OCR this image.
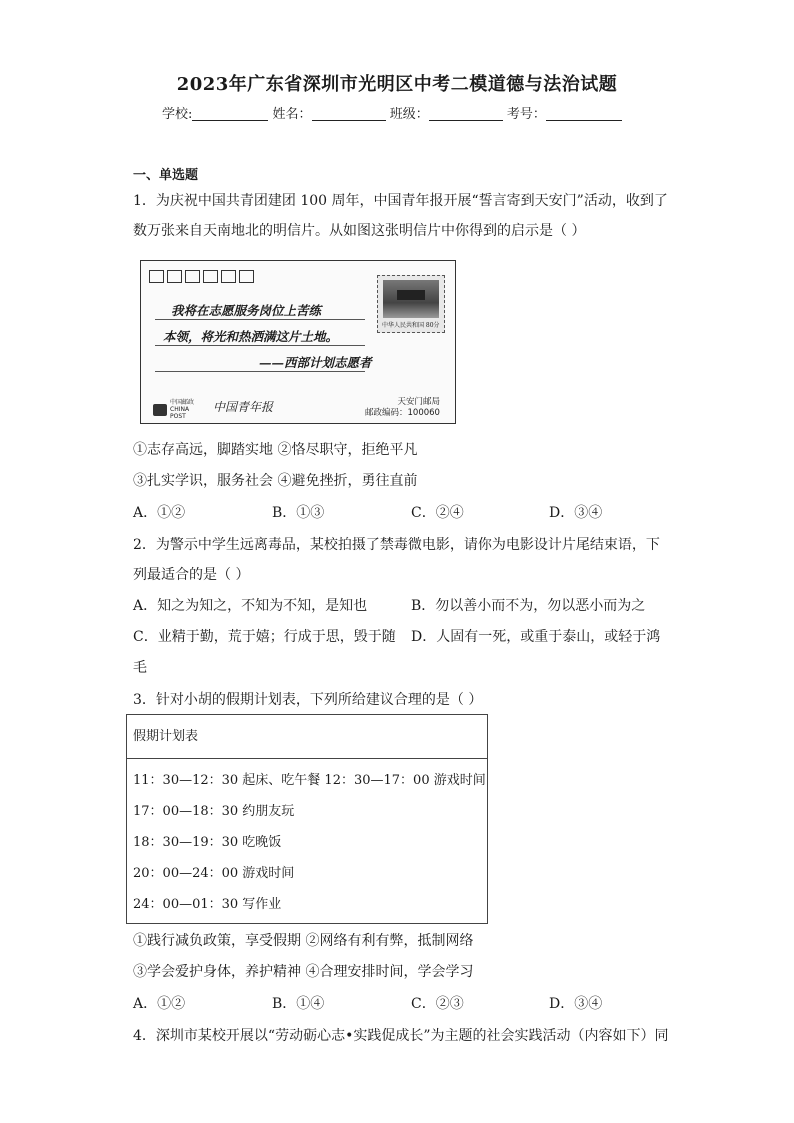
2023年广东省深圳市光明区中考二模道德与法治试题
学校:	姓名：	班级：	考号：
一、单选题
1．为庆祝中国共青团建团 100 周年，中国青年报开展“誓言寄到天安门”活动，收到了
数万张来自天南地北的明信片。从如图这张明信片中你得到的启示是（ ）
中华人民共和国 80分
我将在志愿服务岗位上苦练
本领，将光和热洒满这片土地。
——西部计划志愿者
中国邮政 CHINA POST
中国青年报	天安门邮局
邮政编码：100060
①志存高远，脚踏实地 ②恪尽职守，拒绝平凡
③扎实学识，服务社会 ④避免挫折，勇往直前
A．①②	B．①③	C．②④	D．③④
2．为警示中学生远离毒品，某校拍摄了禁毒微电影，请你为电影设计片尾结束语，下
列最适合的是（ ）
A．知之为知之，不知为不知，是知也	B．勿以善小而不为，勿以恶小而为之
C．业精于勤，荒于嬉；行成于思，毁于随 D．人固有一死，或重于泰山，或轻于鸿
毛
3．针对小胡的假期计划表，下列所给建议合理的是（ ）
假期计划表
11：30—12：30 起床、吃午餐 12：30—17：00 游戏时间
17：00—18：30 约朋友玩
18：30—19：30 吃晚饭
20：00—24：00 游戏时间
24：00—01：30 写作业
①践行减负政策，享受假期 ②网络有利有弊，抵制网络
③学会爱护身体，养护精神 ④合理安排时间，学会学习
A．①②	B．①④	C．②③	D．③④
4．深圳市某校开展以“劳动砺心志•实践促成长”为主题的社会实践活动（内容如下）同
